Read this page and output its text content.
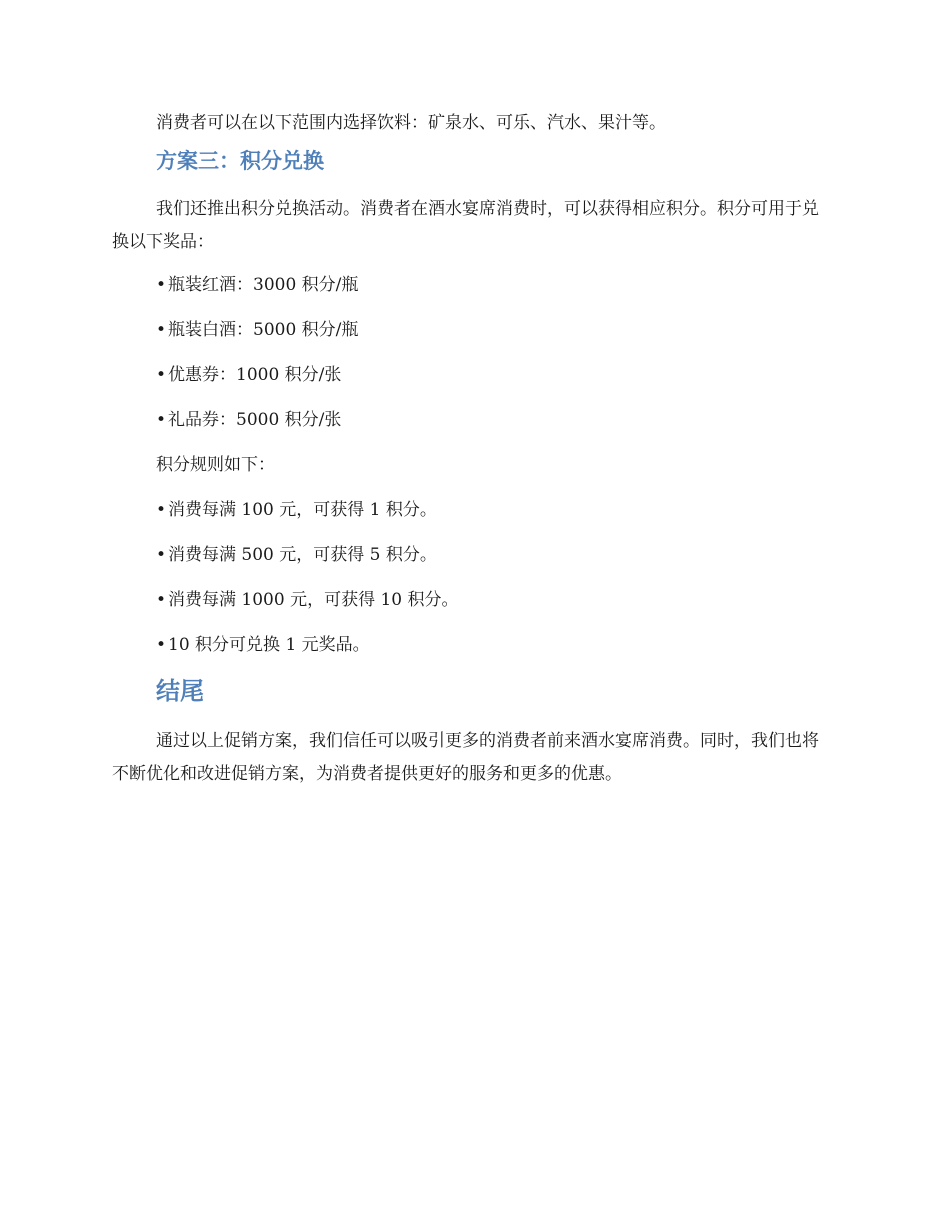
消费者可以在以下范围内选择饮料：矿泉水、可乐、汽水、果汁等。

方案三：积分兑换

我们还推出积分兑换活动。消费者在酒水宴席消费时，可以获得相应积分。积分可用于兑换以下奖品：

• 瓶装红酒：3000 积分/瓶

• 瓶装白酒：5000 积分/瓶

• 优惠券：1000 积分/张

• 礼品券：5000 积分/张

积分规则如下：

• 消费每满 100 元，可获得 1 积分。

• 消费每满 500 元，可获得 5 积分。

• 消费每满 1000 元，可获得 10 积分。

• 10 积分可兑换 1 元奖品。

结尾

通过以上促销方案，我们信任可以吸引更多的消费者前来酒水宴席消费。同时，我们也将不断优化和改进促销方案，为消费者提供更好的服务和更多的优惠。
